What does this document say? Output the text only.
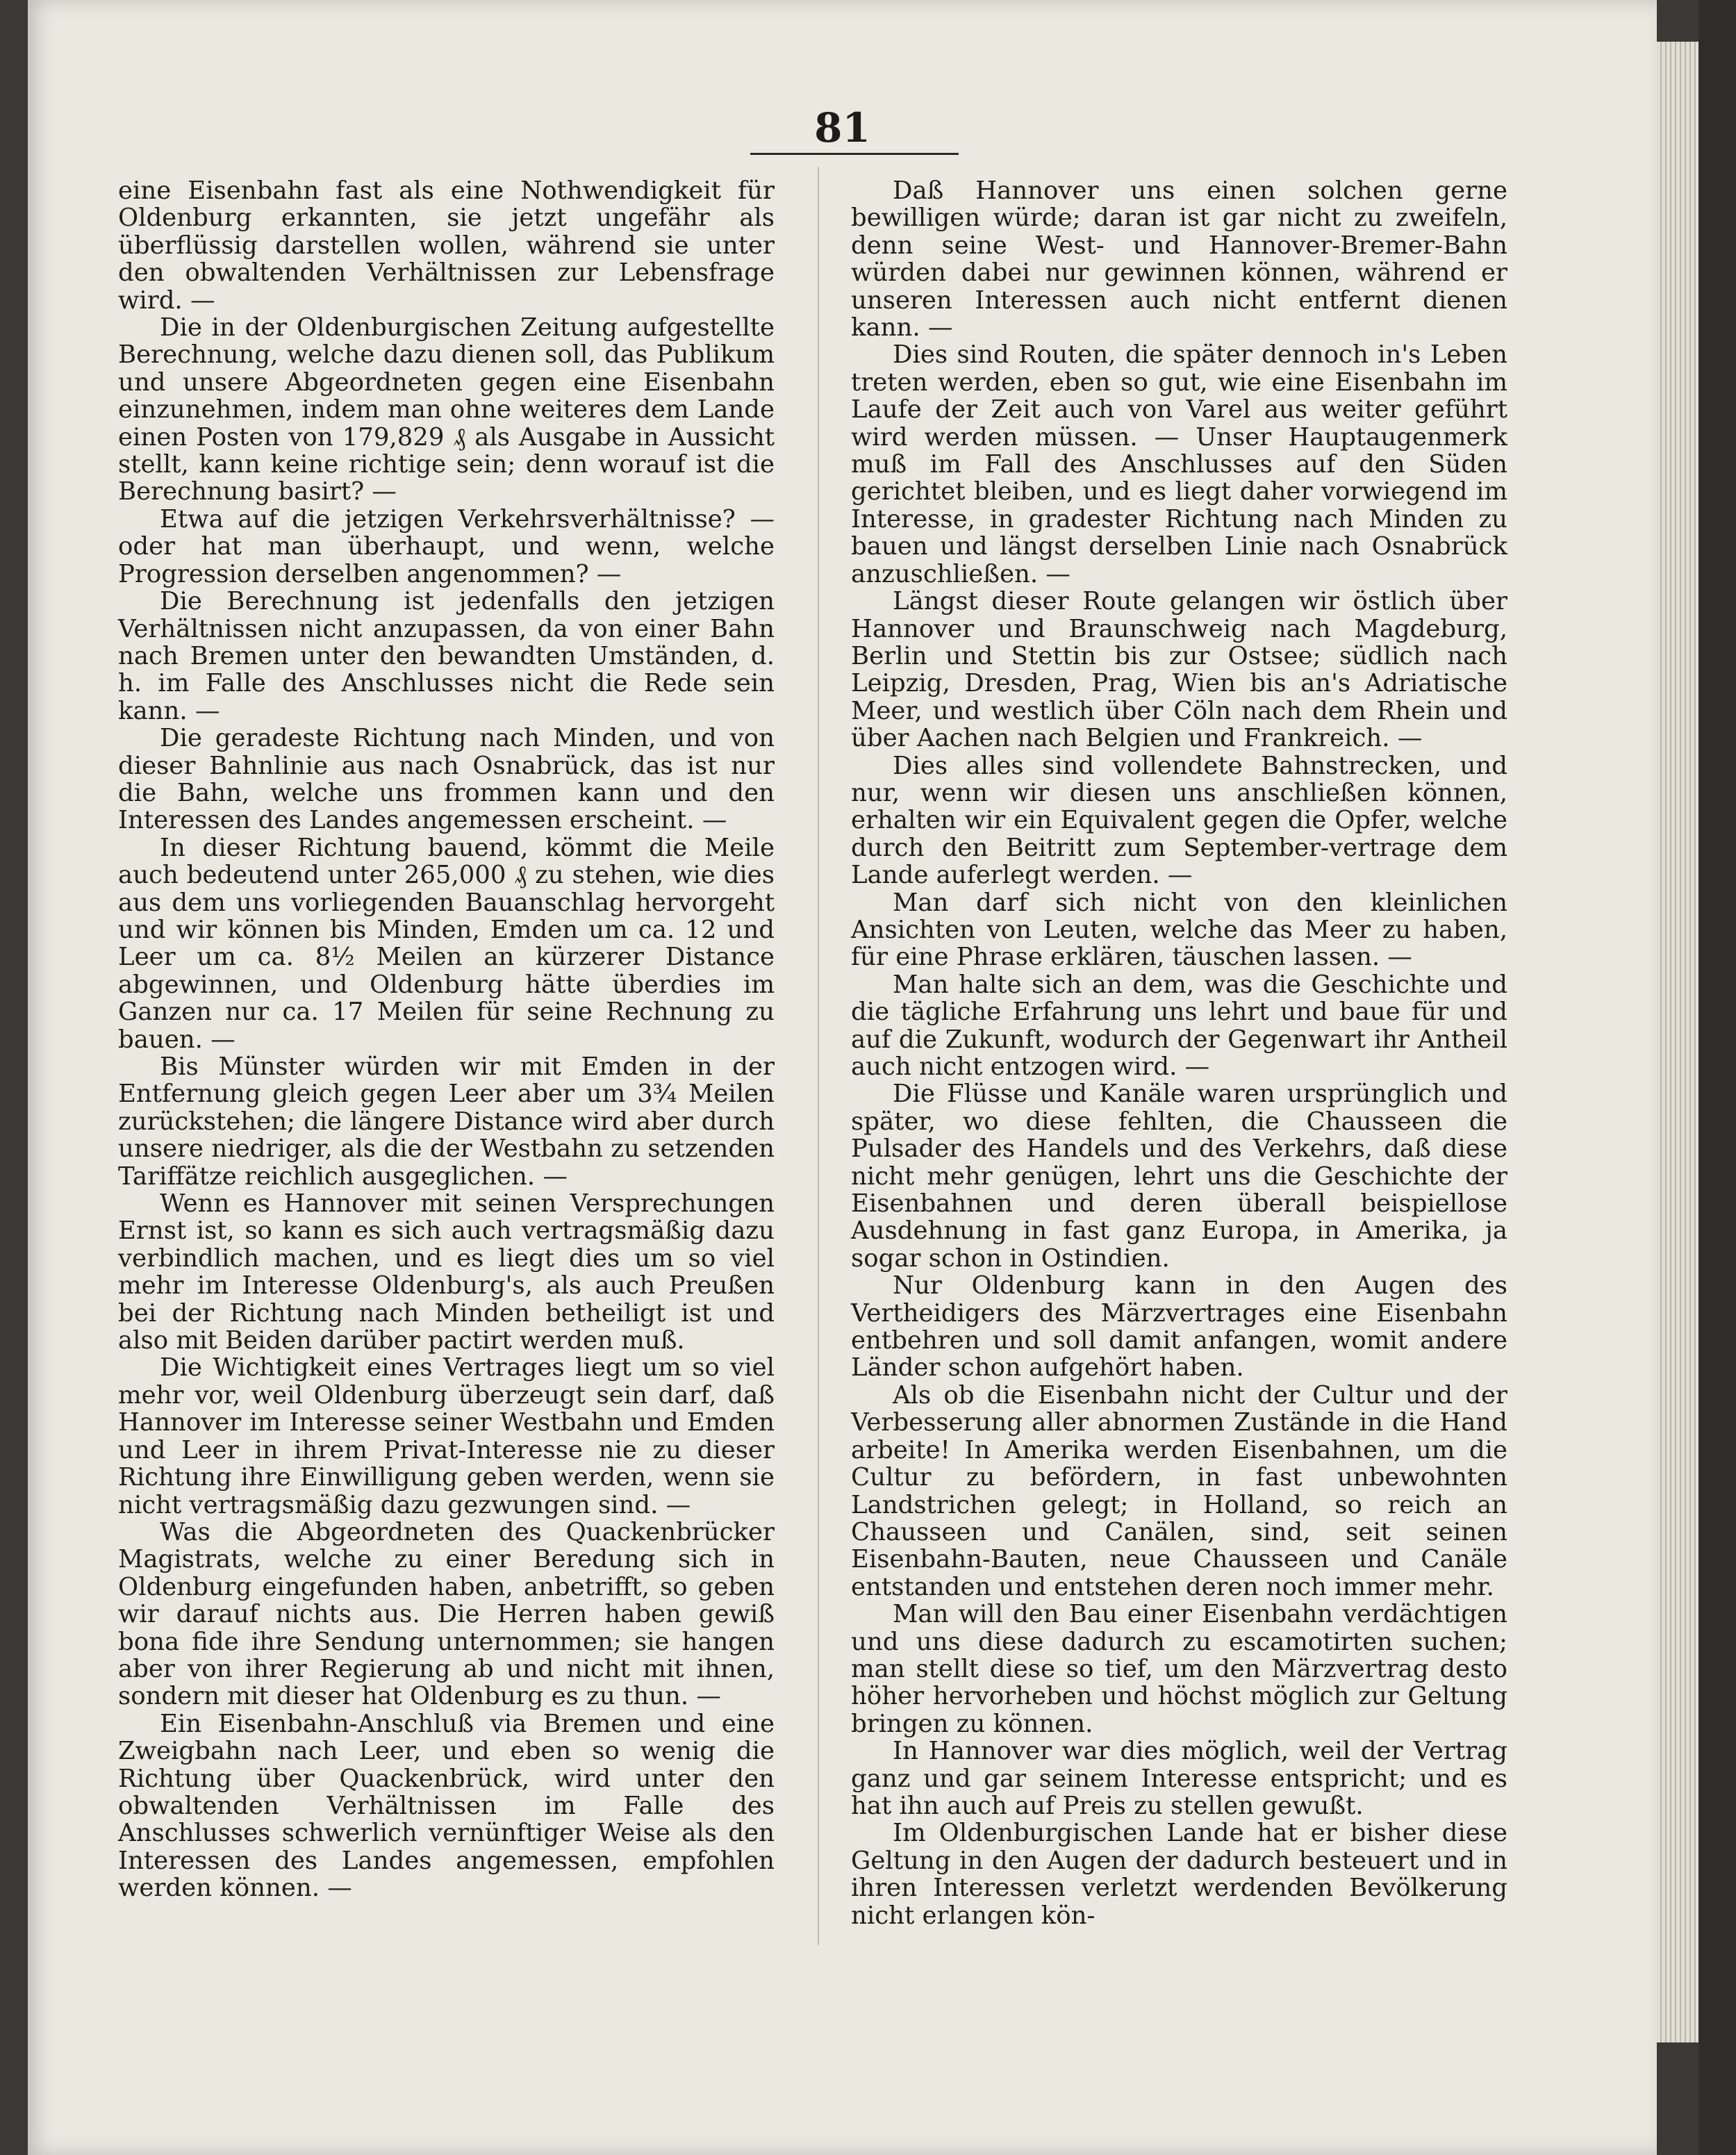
81

eine Eisenbahn fast als eine Nothwendigkeit für Oldenburg erkannten, sie jetzt ungefähr als überflüssig darstellen wollen, während sie unter den obwaltenden Verhältnissen zur Lebensfrage wird. —

Die in der Oldenburgischen Zeitung aufgestellte Berechnung, welche dazu dienen soll, das Publikum und unsere Abgeordneten gegen eine Eisenbahn einzunehmen, indem man ohne weiteres dem Lande einen Posten von 179,829 ₰ als Ausgabe in Aussicht stellt, kann keine richtige sein; denn worauf ist die Berechnung basirt? —

Etwa auf die jetzigen Verkehrsverhältnisse? — oder hat man überhaupt, und wenn, welche Progression derselben angenommen? —

Die Berechnung ist jedenfalls den jetzigen Verhältnissen nicht anzupassen, da von einer Bahn nach Bremen unter den bewandten Umständen, d. h. im Falle des Anschlusses nicht die Rede sein kann. —

Die geradeste Richtung nach Minden, und von dieser Bahnlinie aus nach Osnabrück, das ist nur die Bahn, welche uns frommen kann und den Interessen des Landes angemessen erscheint. —

In dieser Richtung bauend, kömmt die Meile auch bedeutend unter 265,000 ₰ zu stehen, wie dies aus dem uns vorliegenden Bauanschlag hervorgeht und wir können bis Minden, Emden um ca. 12 und Leer um ca. 8½ Meilen an kürzerer Distance abgewinnen, und Oldenburg hätte überdies im Ganzen nur ca. 17 Meilen für seine Rechnung zu bauen. —

Bis Münster würden wir mit Emden in der Entfernung gleich gegen Leer aber um 3¾ Meilen zurückstehen; die längere Distance wird aber durch unsere niedriger, als die der Westbahn zu setzenden Tariffätze reichlich ausgeglichen. —

Wenn es Hannover mit seinen Versprechungen Ernst ist, so kann es sich auch vertragsmäßig dazu verbindlich machen, und es liegt dies um so viel mehr im Interesse Oldenburg's, als auch Preußen bei der Richtung nach Minden betheiligt ist und also mit Beiden darüber pactirt werden muß.

Die Wichtigkeit eines Vertrages liegt um so viel mehr vor, weil Oldenburg überzeugt sein darf, daß Hannover im Interesse seiner Westbahn und Emden und Leer in ihrem Privat-Interesse nie zu dieser Richtung ihre Einwilligung geben werden, wenn sie nicht vertragsmäßig dazu gezwungen sind. —

Was die Abgeordneten des Quackenbrücker Magistrats, welche zu einer Beredung sich in Oldenburg eingefunden haben, anbetrifft, so geben wir darauf nichts aus. Die Herren haben gewiß bona fide ihre Sendung unternommen; sie hangen aber von ihrer Regierung ab und nicht mit ihnen, sondern mit dieser hat Oldenburg es zu thun. —

Ein Eisenbahn-Anschluß via Bremen und eine Zweigbahn nach Leer, und eben so wenig die Richtung über Quackenbrück, wird unter den obwaltenden Verhältnissen im Falle des Anschlusses schwerlich vernünftiger Weise als den Interessen des Landes angemessen, empfohlen werden können. —

Daß Hannover uns einen solchen gerne bewilligen würde; daran ist gar nicht zu zweifeln, denn seine West- und Hannover-Bremer-Bahn würden dabei nur gewinnen können, während er unseren Interessen auch nicht entfernt dienen kann. —

Dies sind Routen, die später dennoch in's Leben treten werden, eben so gut, wie eine Eisenbahn im Laufe der Zeit auch von Varel aus weiter geführt wird werden müssen. — Unser Hauptaugenmerk muß im Fall des Anschlusses auf den Süden gerichtet bleiben, und es liegt daher vorwiegend im Interesse, in gradester Richtung nach Minden zu bauen und längst derselben Linie nach Osnabrück anzuschließen. —

Längst dieser Route gelangen wir östlich über Hannover und Braunschweig nach Magdeburg, Berlin und Stettin bis zur Ostsee; südlich nach Leipzig, Dresden, Prag, Wien bis an's Adriatische Meer, und westlich über Cöln nach dem Rhein und über Aachen nach Belgien und Frankreich. —

Dies alles sind vollendete Bahnstrecken, und nur, wenn wir diesen uns anschließen können, erhalten wir ein Equivalent gegen die Opfer, welche durch den Beitritt zum September-vertrage dem Lande auferlegt werden. —

Man darf sich nicht von den kleinlichen Ansichten von Leuten, welche das Meer zu haben, für eine Phrase erklären, täuschen lassen. —

Man halte sich an dem, was die Geschichte und die tägliche Erfahrung uns lehrt und baue für und auf die Zukunft, wodurch der Gegenwart ihr Antheil auch nicht entzogen wird. —

Die Flüsse und Kanäle waren ursprünglich und später, wo diese fehlten, die Chausseen die Pulsader des Handels und des Verkehrs, daß diese nicht mehr genügen, lehrt uns die Geschichte der Eisenbahnen und deren überall beispiellose Ausdehnung in fast ganz Europa, in Amerika, ja sogar schon in Ostindien.

Nur Oldenburg kann in den Augen des Vertheidigers des Märzvertrages eine Eisenbahn entbehren und soll damit anfangen, womit andere Länder schon aufgehört haben.

Als ob die Eisenbahn nicht der Cultur und der Verbesserung aller abnormen Zustände in die Hand arbeite! In Amerika werden Eisenbahnen, um die Cultur zu befördern, in fast unbewohnten Landstrichen gelegt; in Holland, so reich an Chausseen und Canälen, sind, seit seinen Eisenbahn-Bauten, neue Chausseen und Canäle entstanden und entstehen deren noch immer mehr.

Man will den Bau einer Eisenbahn verdächtigen und uns diese dadurch zu escamotirten suchen; man stellt diese so tief, um den Märzvertrag desto höher hervorheben und höchst möglich zur Geltung bringen zu können.

In Hannover war dies möglich, weil der Vertrag ganz und gar seinem Interesse entspricht; und es hat ihn auch auf Preis zu stellen gewußt.

Im Oldenburgischen Lande hat er bisher diese Geltung in den Augen der dadurch besteuert und in ihren Interessen verletzt werdenden Bevölkerung nicht erlangen kön-
